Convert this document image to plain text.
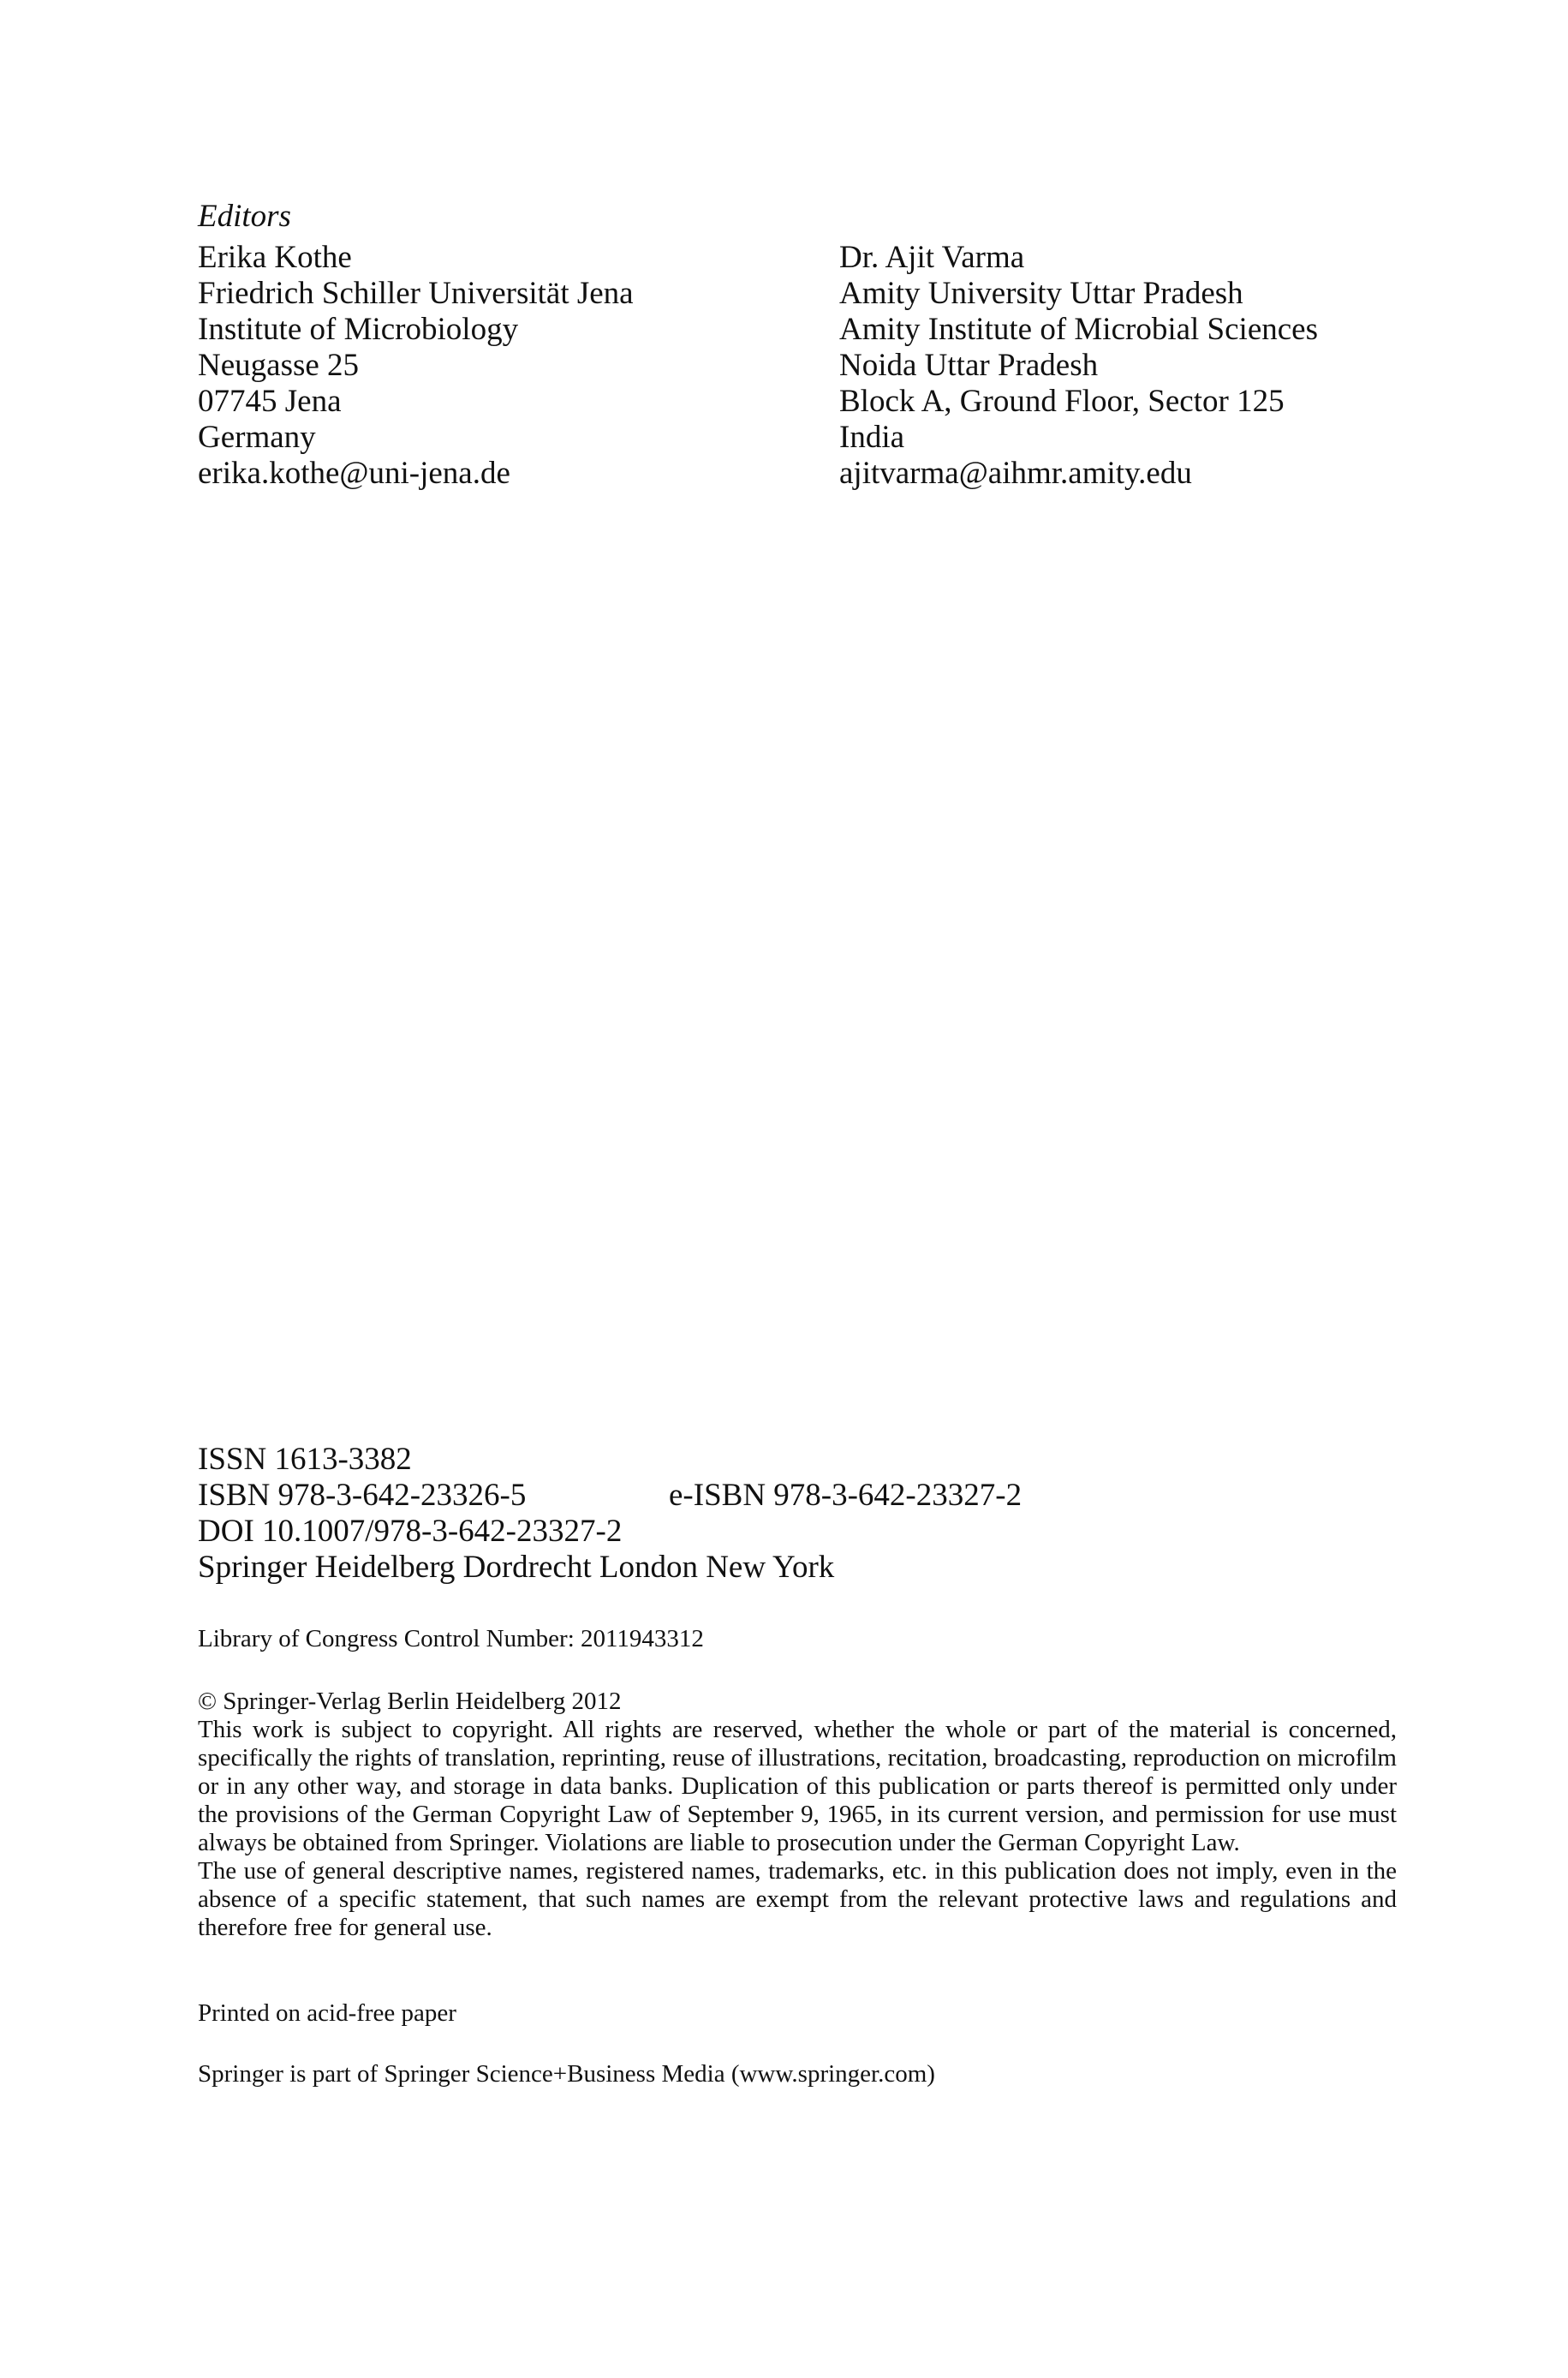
Editors
Erika Kothe
Friedrich Schiller Universität Jena
Institute of Microbiology
Neugasse 25
07745 Jena
Germany
erika.kothe@uni-jena.de
Dr. Ajit Varma
Amity University Uttar Pradesh
Amity Institute of Microbial Sciences
Noida Uttar Pradesh
Block A, Ground Floor, Sector 125
India
ajitvarma@aihmr.amity.edu
ISSN 1613-3382
ISBN 978-3-642-23326-5	e-ISBN 978-3-642-23327-2
DOI 10.1007/978-3-642-23327-2
Springer Heidelberg Dordrecht London New York
Library of Congress Control Number: 2011943312
© Springer-Verlag Berlin Heidelberg 2012

This work is subject to copyright. All rights are reserved, whether the whole or part of the material is concerned, specifically the rights of translation, reprinting, reuse of illustrations, recitation, broadcasting, reproduction on microfilm or in any other way, and storage in data banks. Duplication of this publication or parts thereof is permitted only under the provisions of the German Copyright Law of September 9, 1965, in its current version, and permission for use must always be obtained from Springer. Violations are liable to prosecution under the German Copyright Law.

The use of general descriptive names, registered names, trademarks, etc. in this publication does not imply, even in the absence of a specific statement, that such names are exempt from the relevant protective laws and regulations and therefore free for general use.

Printed on acid-free paper
Springer is part of Springer Science+Business Media (www.springer.com)
